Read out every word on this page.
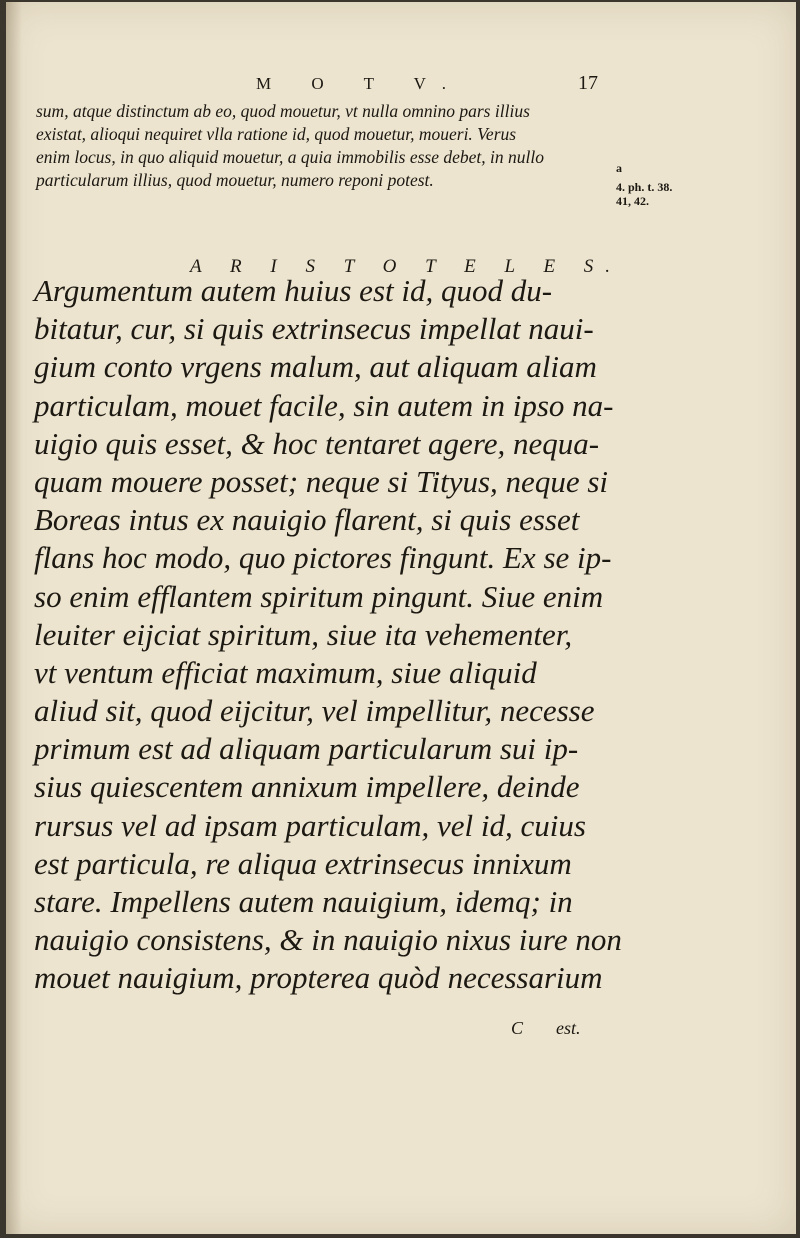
M O T V.	17
sum, atque distinctum ab eo, quod mouetur, vt nulla omnino pars illius
existat, alioqui nequiret vlla ratione id, quod mouetur, moueri. Verus
enim locus, in quo aliquid mouetur, a quia immobilis esse debet, in nullo
particularum illius, quod mouetur, numero reponi potest.
a
4. ph. t. 38.
41, 42.
A R I S T O T E L E S.
Argumentum autem huius est id, quod du-
bitatur, cur, si quis extrinsecus impellat naui-
gium conto vrgens malum, aut aliquam aliam
particulam, mouet facile, sin autem in ipso na-
uigio quis esset, & hoc tentaret agere, nequa-
quam mouere posset; neque si Tityus, neque si
Boreas intus ex nauigio flarent, si quis esset
flans hoc modo, quo pictores fingunt. Ex se ip-
so enim efflantem spiritum pingunt. Siue enim
leuiter eijciat spiritum, siue ita vehementer,
vt ventum efficiat maximum, siue aliquid
aliud sit, quod eijcitur, vel impellitur, necesse
primum est ad aliquam particularum sui ip-
sius quiescentem annixum impellere, deinde
rursus vel ad ipsam particulam, vel id, cuius
est particula, re aliqua extrinsecus innixum
stare. Impellens autem nauigium, idemq; in
nauigio consistens, & in nauigio nixus iure non
mouet nauigium, propterea quòd necessarium
C est.
